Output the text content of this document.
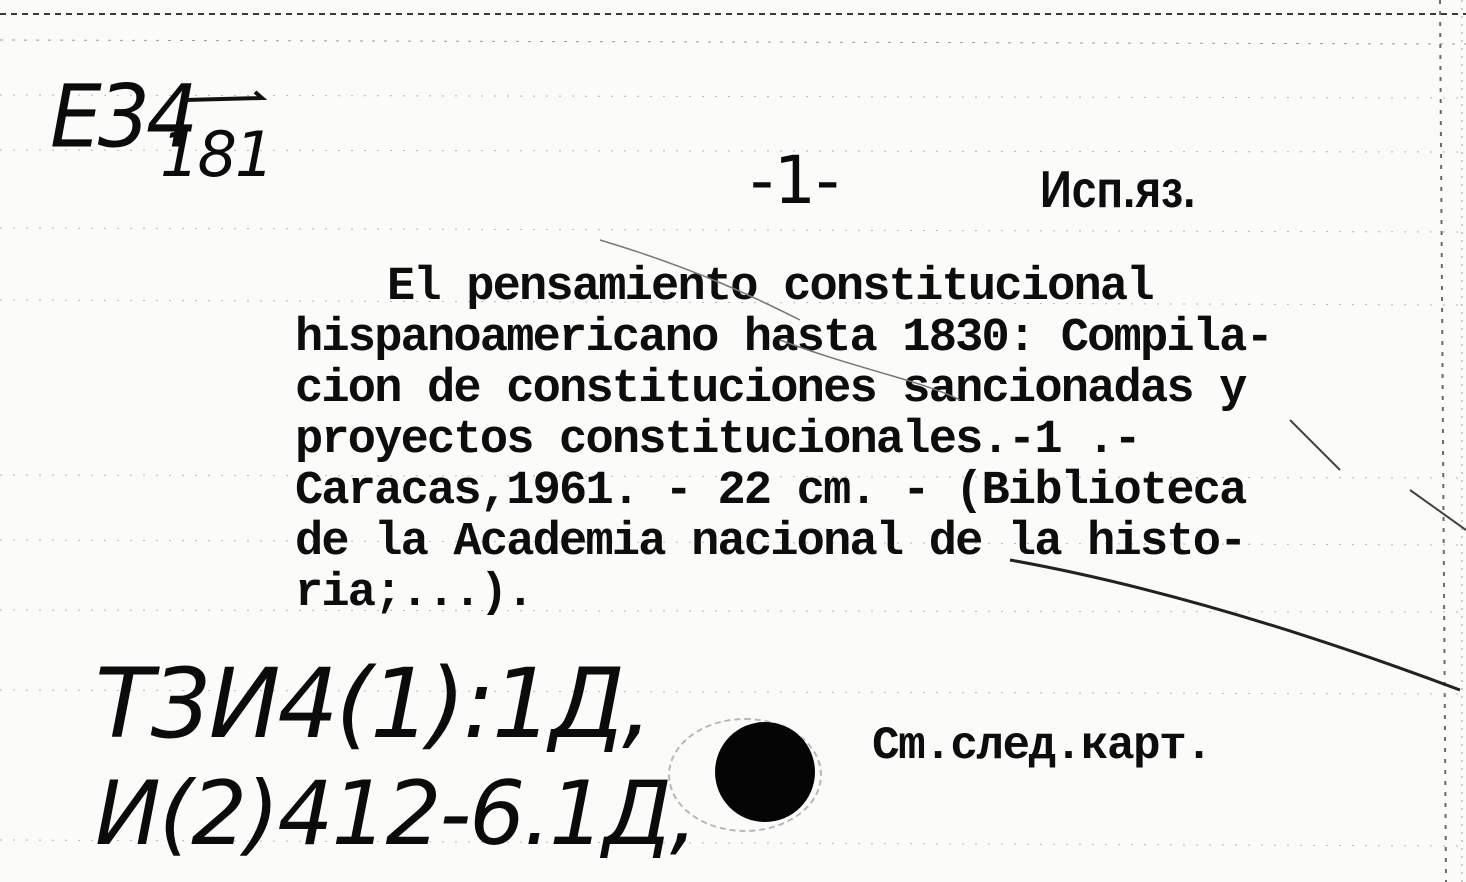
Е34
181	-1-	Исп.яз.
El pensamiento constitucional
hispanoamericano hasta 1830: Compila-
cion de constituciones sancionadas y
proyectos constitucionales.-1 .-
Caracas,1961. - 22 cm. - (Biblioteca
de la Academia nacional de la histo-
ria;...).
Т3И4(1):1Д,
И(2)412-6.1Д,
Cm.след.карт.
